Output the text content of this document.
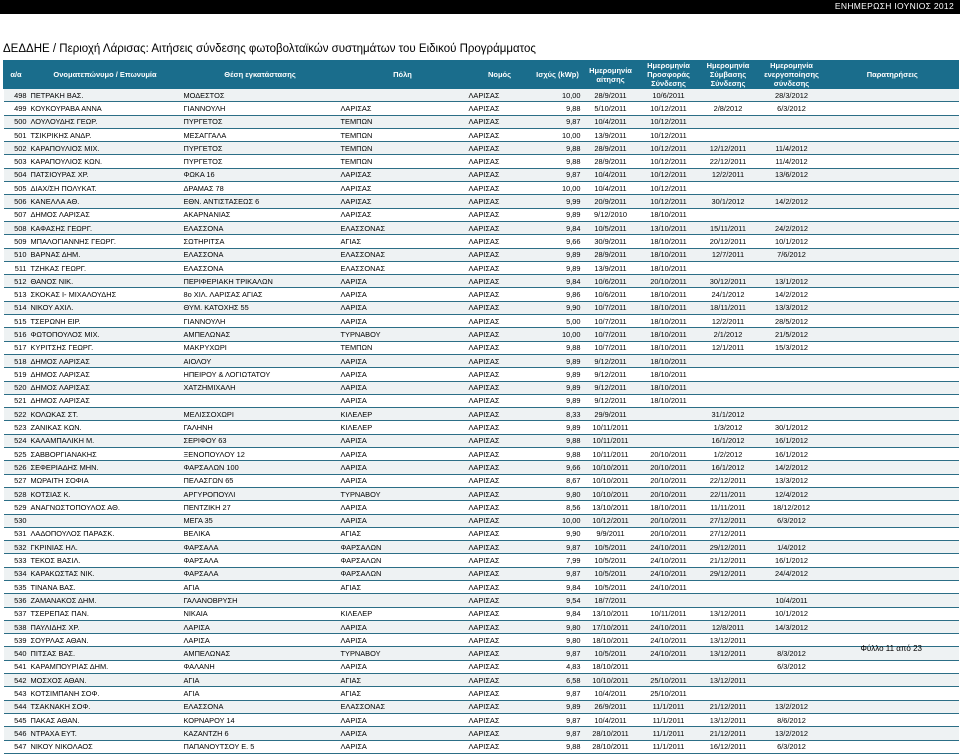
ΕΝΗΜΕΡΩΣΗ ΙΟΥΝΙΟΣ 2012
ΔΕΔΔΗΕ / Περιοχή Λάρισας: Αιτήσεις σύνδεσης φωτοβολταϊκών συστημάτων του Ειδικού Προγράμματος
α/α	Ονοματεπώνυμο / Επωνυμία	Θέση εγκατάστασης	Πόλη	Νομός	Ισχύς (kWp)	Ημερομηνία αίτησης	Ημερομηνία Προσφοράς Σύνδεσης	Ημερομηνία Σύμβασης Σύνδεσης	Ημερομηνία ενεργοποίησης σύνδεσης	Παρατηρήσεις
498	ΠΕΤΡΑΚΗ ΒΑΣ.	ΜΟΔΕΣΤΟΣ		ΛΑΡΙΣΑΣ	10,00	28/9/2011	10/6/2011		28/3/2012	
499	ΚΟΥΚΟΥΡΑΒΑ ΑΝΝΑ	ΓΙΑΝΝΟΥΛΗ	ΛΑΡΙΣΑΣ	ΛΑΡΙΣΑΣ	9,88	5/10/2011	10/12/2011	2/8/2012	6/3/2012	
500	ΛΟΥΛΟΥΔΗΣ ΓΕΩΡ.	ΠΥΡΓΕΤΟΣ	ΤΕΜΠΩΝ	ΛΑΡΙΣΑΣ	9,87	10/4/2011	10/12/2011			
501	ΤΣΙΚΡΙΚΗΣ ΑΝΔΡ.	ΜΕΣΑΓΓΑΛΑ	ΤΕΜΠΩΝ	ΛΑΡΙΣΑΣ	10,00	13/9/2011	10/12/2011			
502	ΚΑΡΑΠΟΥΛΙΟΣ ΜΙΧ.	ΠΥΡΓΕΤΟΣ	ΤΕΜΠΩΝ	ΛΑΡΙΣΑΣ	9,88	28/9/2011	10/12/2011	12/12/2011	11/4/2012	
503	ΚΑΡΑΠΟΥΛΙΟΣ ΚΩΝ.	ΠΥΡΓΕΤΟΣ	ΤΕΜΠΩΝ	ΛΑΡΙΣΑΣ	9,88	28/9/2011	10/12/2011	22/12/2011	11/4/2012	
504	ΠΑΤΣΙΟΥΡΑΣ ΧΡ.	ΦΩΚΑ 16	ΛΑΡΙΣΑΣ	ΛΑΡΙΣΑΣ	9,87	10/4/2011	10/12/2011	12/2/2011	13/6/2012	
505	ΔΙΑΧ/ΣΗ ΠΟΛΥΚΑΤ.	ΔΡΑΜΑΣ 78	ΛΑΡΙΣΑΣ	ΛΑΡΙΣΑΣ	10,00	10/4/2011	10/12/2011			
506	ΚΑΝΕΛΛΑ ΑΘ.	ΕΘΝ. ΑΝΤΙΣΤΑΣΕΩΣ 6	ΛΑΡΙΣΑΣ	ΛΑΡΙΣΑΣ	9,99	20/9/2011	10/12/2011	30/1/2012	14/2/2012	
507	ΔΗΜΟΣ ΛΑΡΙΣΑΣ	ΑΚΑΡΝΑΝΙΑΣ	ΛΑΡΙΣΑΣ	ΛΑΡΙΣΑΣ	9,89	9/12/2010	18/10/2011			
508	ΚΑΦΑΣΗΣ ΓΕΩΡΓ.	ΕΛΑΣΣΟΝΑ	ΕΛΑΣΣΟΝΑΣ	ΛΑΡΙΣΑΣ	9,84	10/5/2011	13/10/2011	15/11/2011	24/2/2012	
509	ΜΠΑΛΟΓΙΑΝΝΗΣ ΓΕΩΡΓ.	ΣΩΤΗΡΙΤΣΑ	ΑΓΙΑΣ	ΛΑΡΙΣΑΣ	9,66	30/9/2011	18/10/2011	20/12/2011	10/1/2012	
510	ΒΑΡΝΑΣ ΔΗΜ.	ΕΛΑΣΣΟΝΑ	ΕΛΑΣΣΟΝΑΣ	ΛΑΡΙΣΑΣ	9,89	28/9/2011	18/10/2011	12/7/2011	7/6/2012	
511	ΤΖΗΚΑΣ ΓΕΩΡΓ.	ΕΛΑΣΣΟΝΑ	ΕΛΑΣΣΟΝΑΣ	ΛΑΡΙΣΑΣ	9,89	13/9/2011	18/10/2011			
512	ΘΑΝΟΣ ΝΙΚ.	ΠΕΡΙΦΕΡΙΑΚΗ ΤΡΙΚΑΛΩΝ	ΛΑΡΙΣΑ	ΛΑΡΙΣΑΣ	9,84	10/6/2011	20/10/2011	30/12/2011	13/1/2012	
513	ΣΚΟΚΑΣ Ι- ΜΙΧΑΛΟΥΔΗΣ	8ο ΧΙΛ. ΛΑΡΙΣΑΣ ΑΓΙΑΣ	ΛΑΡΙΣΑ	ΛΑΡΙΣΑΣ	9,86	10/6/2011	18/10/2011	24/1/2012	14/2/2012	
514	ΝΙΚΟΥ ΑΧΙΛ.	ΘΥΜ. ΚΑΤΟΧΗΣ 55	ΛΑΡΙΣΑ	ΛΑΡΙΣΑΣ	9,90	10/7/2011	18/10/2011	18/11/2011	13/3/2012	
515	ΤΣΕΡΩΝΗ ΕΙΡ.	ΓΙΑΝΝΟΥΛΗ	ΛΑΡΙΣΑ	ΛΑΡΙΣΑΣ	5,00	10/7/2011	18/10/2011	12/2/2011	28/5/2012	
516	ΦΩΤΟΠΟΥΛΟΣ ΜΙΧ.	ΑΜΠΕΛΩΝΑΣ	ΤΥΡΝΑΒΟΥ	ΛΑΡΙΣΑΣ	10,00	10/7/2011	18/10/2011	2/1/2012	21/5/2012	
517	ΚΥΡΙΤΣΗΣ ΓΕΩΡΓ.	ΜΑΚΡΥΧΩΡΙ	ΤΕΜΠΩΝ	ΛΑΡΙΣΑΣ	9,88	10/7/2011	18/10/2011	12/1/2011	15/3/2012	
518	ΔΗΜΟΣ ΛΑΡΙΣΑΣ	ΑΙΟΛΟΥ	ΛΑΡΙΣΑ	ΛΑΡΙΣΑΣ	9,89	9/12/2011	18/10/2011			
519	ΔΗΜΟΣ ΛΑΡΙΣΑΣ	ΗΠΕΙΡΟΥ & ΛΟΓΙΩΤΑΤΟΥ	ΛΑΡΙΣΑ	ΛΑΡΙΣΑΣ	9,89	9/12/2011	18/10/2011			
520	ΔΗΜΟΣ ΛΑΡΙΣΑΣ	ΧΑΤΖΗΜΙΧΑΛΗ	ΛΑΡΙΣΑ	ΛΑΡΙΣΑΣ	9,89	9/12/2011	18/10/2011			
521	ΔΗΜΟΣ ΛΑΡΙΣΑΣ		ΛΑΡΙΣΑ	ΛΑΡΙΣΑΣ	9,89	9/12/2011	18/10/2011			
522	ΚΟΛΩΚΑΣ ΣΤ.	ΜΕΛΙΣΣΟΧΩΡΙ	ΚΙΛΕΛΕΡ	ΛΑΡΙΣΑΣ	8,33	29/9/2011		31/1/2012		
523	ΖΑΝΙΚΑΣ ΚΩΝ.	ΓΑΛΗΝΗ	ΚΙΛΕΛΕΡ	ΛΑΡΙΣΑΣ	9,89	10/11/2011		1/3/2012	30/1/2012	
524	ΚΑΛΑΜΠΑΛΙΚΗ Μ.	ΣΕΡΙΦΟΥ 63	ΛΑΡΙΣΑ	ΛΑΡΙΣΑΣ	9,88	10/11/2011		16/1/2012	16/1/2012	
525	ΣΑΒΒΟΡΓΙΑΝΑΚΗΣ	ΞΕΝΟΠΟΥΛΟΥ 12	ΛΑΡΙΣΑ	ΛΑΡΙΣΑΣ	9,88	10/11/2011	20/10/2011	1/2/2012	16/1/2012	
526	ΣΕΦΕΡΙΑΔΗΣ ΜΗΝ.	ΦΑΡΣΑΛΩΝ 100	ΛΑΡΙΣΑ	ΛΑΡΙΣΑΣ	9,66	10/10/2011	20/10/2011	16/1/2012	14/2/2012	
527	ΜΩΡΑΙΤΗ ΣΟΦΙΑ	ΠΕΛΑΣΓΩΝ 65	ΛΑΡΙΣΑ	ΛΑΡΙΣΑΣ	8,67	10/10/2011	20/10/2011	22/12/2011	13/3/2012	
528	ΚΟΤΣΙΑΣ Κ.	ΑΡΓΥΡΟΠΟΥΛΙ	ΤΥΡΝΑΒΟΥ	ΛΑΡΙΣΑΣ	9,80	10/10/2011	20/10/2011	22/11/2011	12/4/2012	
529	ΑΝΑΓΝΩΣΤΟΠΟΥΛΟΣ ΑΘ.	ΠΕΝΤΖΙΚΗ 27	ΛΑΡΙΣΑ	ΛΑΡΙΣΑΣ	8,56	13/10/2011	18/10/2011	11/11/2011	18/12/2012	
530		ΜΕΓΑ 35	ΛΑΡΙΣΑ	ΛΑΡΙΣΑΣ	10,00	10/12/2011	20/10/2011	27/12/2011	6/3/2012	
531	ΛΑΔΟΠΟΥΛΟΣ ΠΑΡΑΣΚ.	ΒΕΛΙΚΑ	ΑΓΙΑΣ	ΛΑΡΙΣΑΣ	9,90	9/9/2011	20/10/2011	27/12/2011		
532	ΓΚΡΙΝΙΑΣ ΗΛ.	ΦΑΡΣΑΛΑ	ΦΑΡΣΑΛΩΝ	ΛΑΡΙΣΑΣ	9,87	10/5/2011	24/10/2011	29/12/2011	1/4/2012	
533	ΤΕΚΟΣ ΒΑΣΙΛ.	ΦΑΡΣΑΛΑ	ΦΑΡΣΑΛΩΝ	ΛΑΡΙΣΑΣ	7,99	10/5/2011	24/10/2011	21/12/2011	16/1/2012	
534	ΚΑΡΑΚΩΣΤΑΣ ΝΙΚ.	ΦΑΡΣΑΛΑ	ΦΑΡΣΑΛΩΝ	ΛΑΡΙΣΑΣ	9,87	10/5/2011	24/10/2011	29/12/2011	24/4/2012	
535	ΤΙΝΑΝΑ ΒΑΣ.	ΑΓΙΑ	ΑΓΙΑΣ	ΛΑΡΙΣΑΣ	9,84	10/5/2011	24/10/2011			
536	ΖΑΜΑΝΑΚΟΣ ΔΗΜ.	ΓΑΛΑΝΟΒΡΥΣΗ		ΛΑΡΙΣΑΣ	9,54	18/7/2011			10/4/2011	
537	ΤΣΕΡΕΠΑΣ ΠΑΝ.	ΝΙΚΑΙΑ	ΚΙΛΕΛΕΡ	ΛΑΡΙΣΑΣ	9,84	13/10/2011	10/11/2011	13/12/2011	10/1/2012	
538	ΠΑΥΛΙΔΗΣ ΧΡ.	ΛΑΡΙΣΑ	ΛΑΡΙΣΑ	ΛΑΡΙΣΑΣ	9,80	17/10/2011	24/10/2011	12/8/2011	14/3/2012	
539	ΣΟΥΡΛΑΣ ΑΘΑΝ.	ΛΑΡΙΣΑ	ΛΑΡΙΣΑ	ΛΑΡΙΣΑΣ	9,80	18/10/2011	24/10/2011	13/12/2011		
540	ΠΙΤΣΑΣ ΒΑΣ.	ΑΜΠΕΛΩΝΑΣ	ΤΥΡΝΑΒΟΥ	ΛΑΡΙΣΑΣ	9,87	10/5/2011	24/10/2011	13/12/2011	8/3/2012	
541	ΚΑΡΑΜΠΟΥΡΙΑΣ ΔΗΜ.	ΦΑΛΑΝΗ	ΛΑΡΙΣΑ	ΛΑΡΙΣΑΣ	4,83	18/10/2011			6/3/2012	
542	ΜΟΣΧΟΣ ΑΘΑΝ.	ΑΓΙΑ	ΑΓΙΑΣ	ΛΑΡΙΣΑΣ	6,58	10/10/2011	25/10/2011	13/12/2011		
543	ΚΟΤΣΙΜΠΑΝΗ ΣΟΦ.	ΑΓΙΑ	ΑΓΙΑΣ	ΛΑΡΙΣΑΣ	9,87	10/4/2011	25/10/2011			
544	ΤΣΑΚΝΑΚΗ ΣΟΦ.	ΕΛΑΣΣΟΝΑ	ΕΛΑΣΣΟΝΑΣ	ΛΑΡΙΣΑΣ	9,89	26/9/2011	11/1/2011	21/12/2011	13/2/2012	
545	ΠΑΚΑΣ ΑΘΑΝ.	ΚΟΡΝΑΡΟΥ 14	ΛΑΡΙΣΑ	ΛΑΡΙΣΑΣ	9,87	10/4/2011	11/1/2011	13/12/2011	8/6/2012	
546	ΝΤΡΑΧΑ ΕΥΤ.	ΚΑΖΑΝΤΖΗ 6	ΛΑΡΙΣΑ	ΛΑΡΙΣΑΣ	9,87	28/10/2011	11/1/2011	21/12/2011	13/2/2012	
547	ΝΙΚΟΥ ΝΙΚΟΛΑΟΣ	ΠΑΠΑΝΟΥΤΣΟΥ Ε. 5	ΛΑΡΙΣΑ	ΛΑΡΙΣΑΣ	9,88	28/10/2011	11/1/2011	16/12/2011	6/3/2012	
Φύλλο 11 από 23
